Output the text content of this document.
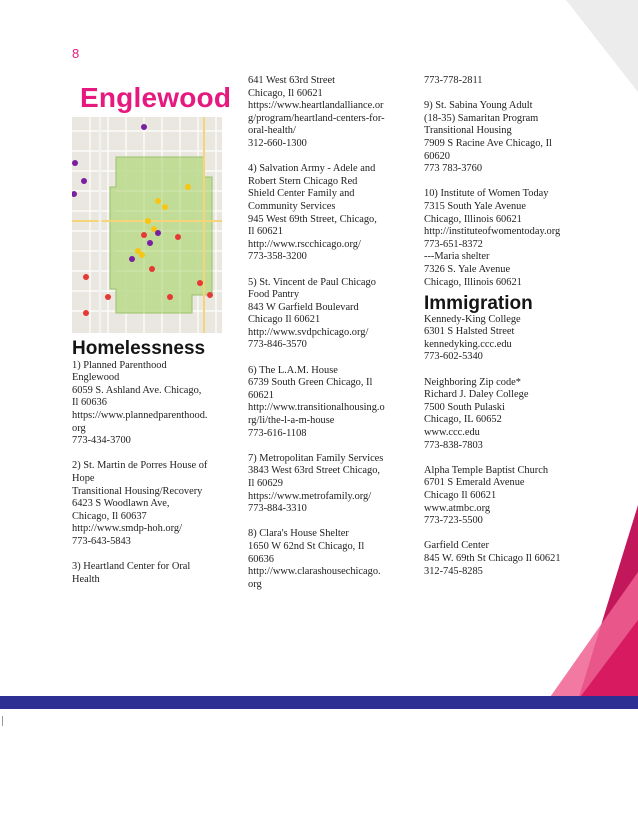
8
Englewood
Homelessness

1) Planned Parenthood
Englewood
6059 S. Ashland Ave. Chicago,
Il 60636
https://www.plannedparenthood.
org
773-434-3700

2) St. Martin de Porres House of
Hope
Transitional Housing/Recovery
6423 S Woodlawn Ave,
Chicago, Il 60637
http://www.smdp-hoh.org/
773-643-5843

3) Heartland Center for Oral
Health

641 West 63rd Street
Chicago, Il 60621
https://www.heartlandalliance.or
g/program/heartland-centers-for-
oral-health/
312-660-1300

4) Salvation Army - Adele and
Robert Stern Chicago Red
Shield Center Family and
Community Services
945 West 69th Street, Chicago,
Il 60621
http://www.rscchicago.org/
773-358-3200

5) St. Vincent de Paul Chicago
Food Pantry
843 W Garfield Boulevard
Chicago Il 60621
http://www.svdpchicago.org/
773-846-3570

6) The L.A.M. House
6739 South Green Chicago, Il
60621
http://www.transitionalhousing.o
rg/li/the-l-a-m-house
773-616-1108

7) Metropolitan Family Services
3843 West 63rd Street Chicago,
Il 60629
https://www.metrofamily.org/
773-884-3310

8) Clara's House Shelter
1650 W 62nd St Chicago, Il
60636
http://www.clarashousechicago.
org

773-778-2811

9) St. Sabina Young Adult
(18-35) Samaritan Program
Transitional Housing
7909 S Racine Ave Chicago, Il
60620
773 783-3760

10) Institute of Women Today
7315 South Yale Avenue
Chicago, Illinois 60621
http://instituteofwomentoday.org
773-651-8372
---Maria shelter
7326 S. Yale Avenue
Chicago, Illinois 60621

Immigration

Kennedy-King College
6301 S Halsted Street
kennedyking.ccc.edu
773-602-5340

Neighboring Zip code*
Richard J. Daley College
7500 South Pulaski
Chicago, IL 60652
www.ccc.edu
773-838-7803

Alpha Temple Baptist Church
6701 S Emerald Avenue
Chicago Il 60621
www.atmbc.org
773-723-5500

Garfield Center
845 W. 69th St Chicago Il 60621
312-745-8285
